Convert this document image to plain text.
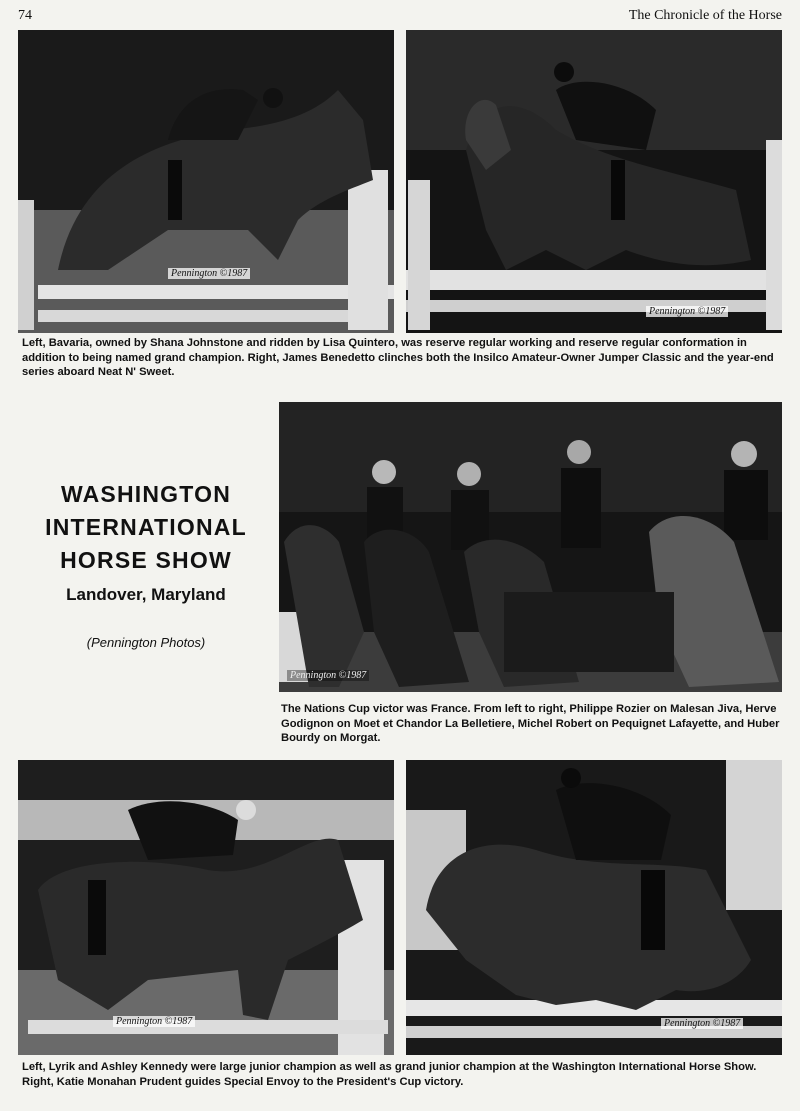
74	The Chronicle of the Horse
Pennington ©1987
Pennington ©1987

Left, Bavaria, owned by Shana Johnstone and ridden by Lisa Quintero, was reserve regular working and reserve regular conformation in addition to being named grand champion. Right, James Benedetto clinches both the Insilco Amateur-Owner Jumper Classic and the year-end series aboard Neat N' Sweet.

WASHINGTON
INTERNATIONAL
HORSE SHOW
Landover, Maryland
(Pennington Photos)
Pennington ©1987

The Nations Cup victor was France. From left to right, Philippe Rozier on Malesan Jiva, Herve Godignon on Moet et Chandor La Belletiere, Michel Robert on Pequignet Lafayette, and Huber Bourdy on Morgat.

Pennington ©1987	Pennington ©1987

Left, Lyrik and Ashley Kennedy were large junior champion as well as grand junior champion at the Washington International Horse Show. Right, Katie Monahan Prudent guides Special Envoy to the President's Cup victory.
